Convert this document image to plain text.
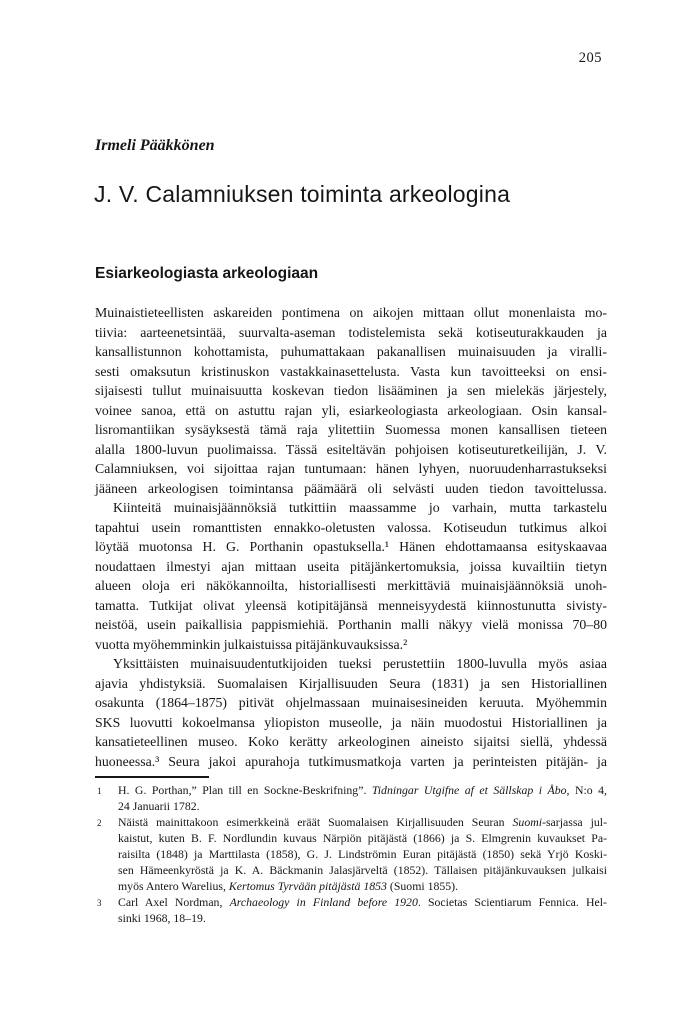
205
Irmeli Pääkkönen
J. V. Calamniuksen toiminta arkeologina
Esiarkeologiasta arkeologiaan
Muinaistieteellisten askareiden pontimena on aikojen mittaan ollut monenlaista mo-
tiivia: aarteenetsintää, suurvalta-aseman todistelemista sekä kotiseuturakkauden ja
kansallistunnon kohottamista, puhumattakaan pakanallisen muinaisuuden ja viralli-
sesti omaksutun kristinuskon vastakkainasettelusta. Vasta kun tavoitteeksi on ensi-
sijaisesti tullut muinaisuutta koskevan tiedon lisääminen ja sen mielekäs järjestely,
voinee sanoa, että on astuttu rajan yli, esiarkeologiasta arkeologiaan. Osin kansal-
lisromantiikan sysäyksestä tämä raja ylitettiin Suomessa monen kansallisen tieteen
alalla 1800-luvun puolimaissa. Tässä esiteltävän pohjoisen kotiseuturetkeilijän, J. V.
Calamniuksen, voi sijoittaa rajan tuntumaan: hänen lyhyen, nuoruudenharrastukseksi
jääneen arkeologisen toimintansa päämäärä oli selvästi uuden tiedon tavoittelussa.
Kiinteitä muinaisjäännöksiä tutkittiin maassamme jo varhain, mutta tarkastelu
tapahtui usein romanttisten ennakko-oletusten valossa. Kotiseudun tutkimus alkoi
löytää muotonsa H. G. Porthanin opastuksella.¹ Hänen ehdottamaansa esityskaavaa
noudattaen ilmestyi ajan mittaan useita pitäjänkertomuksia, joissa kuvailtiin tietyn
alueen oloja eri näkökannoilta, historiallisesti merkittäviä muinaisjäännöksiä unoh-
tamatta. Tutkijat olivat yleensä kotipitäjänsä menneisyydestä kiinnostunutta sivisty-
neistöä, usein paikallisia pappismiehiä. Porthanin malli näkyy vielä monissa 70–80
vuotta myöhemminkin julkaistuissa pitäjänkuvauksissa.²
Yksittäisten muinaisuudentutkijoiden tueksi perustettiin 1800-luvulla myös asiaa
ajavia yhdistyksiä. Suomalaisen Kirjallisuuden Seura (1831) ja sen Historiallinen
osakunta (1864–1875) pitivät ohjelmassaan muinaisesineiden keruuta. Myöhemmin
SKS luovutti kokoelmansa yliopiston museolle, ja näin muodostui Historiallinen ja
kansatieteellinen museo. Koko kerätty arkeologinen aineisto sijaitsi siellä, yhdessä
huoneessa.³ Seura jakoi apurahoja tutkimusmatkoja varten ja perinteisten pitäjän- ja
1 H. G. Porthan,” Plan till en Sockne-Beskrifning”. Tidningar Utgifne af et Sällskap i Åbo, N:o 4,
24 Januarii 1782.
2 Näistä mainittakoon esimerkkeinä eräät Suomalaisen Kirjallisuuden Seuran Suomi-sarjassa jul-
kaistut, kuten B. F. Nordlundin kuvaus Närpiön pitäjästä (1866) ja S. Elmgrenin kuvaukset Pa-
raisilta (1848) ja Marttilasta (1858), G. J. Lindströmin Euran pitäjästä (1850) sekä Yrjö Koski-
sen Hämeenkyröstä ja K. A. Bäckmanin Jalasjärveltä (1852). Tällaisen pitäjänkuvauksen julkaisi
myös Antero Warelius, Kertomus Tyrvään pitäjästä 1853 (Suomi 1855).
3 Carl Axel Nordman, Archaeology in Finland before 1920. Societas Scientiarum Fennica. Hel-
sinki 1968, 18–19.
